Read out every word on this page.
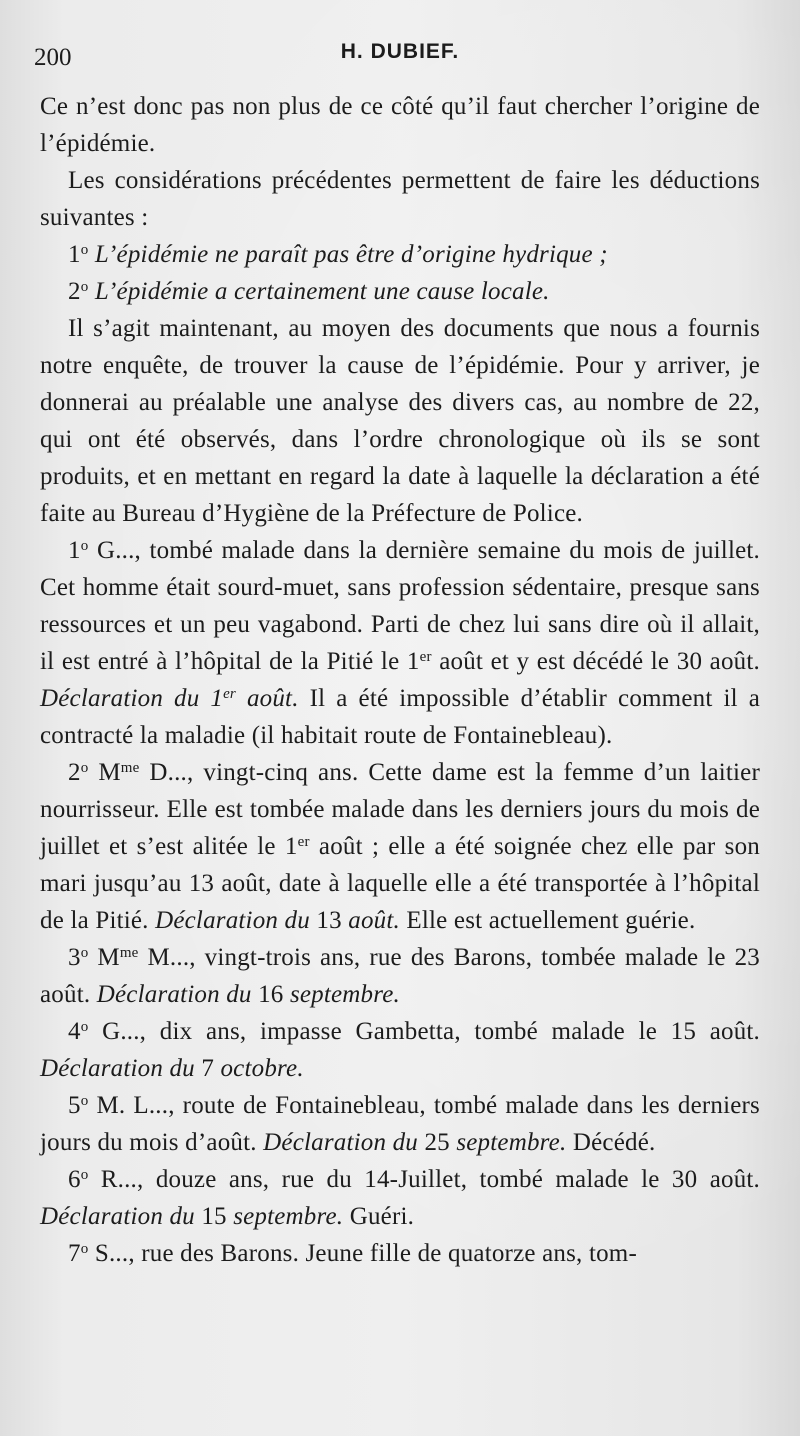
200	H. DUBIEF.

Ce n’est donc pas non plus de ce côté qu’il faut chercher l’origine de l’épidémie.

Les considérations précédentes permettent de faire les déductions suivantes :

1$^o$ L’épidémie ne paraît pas être d’origine hydrique ;

2$^o$ L’épidémie a certainement une cause locale.

Il s’agit maintenant, au moyen des documents que nous a fournis notre enquête, de trouver la cause de l’épidémie. Pour y arriver, je donnerai au préalable une analyse des divers cas, au nombre de 22, qui ont été observés, dans l’ordre chronologique où ils se sont produits, et en mettant en regard la date à laquelle la déclaration a été faite au Bureau d’Hygiène de la Préfecture de Police.

1$^o$ G..., tombé malade dans la dernière semaine du mois de juillet. Cet homme était sourd-muet, sans profession sédentaire, presque sans ressources et un peu vagabond. Parti de chez lui sans dire où il allait, il est entré à l’hôpital de la Pitié le 1er août et y est décédé le 30 août. Déclaration du 1er août. Il a été impossible d’établir comment il a contracté la maladie (il habitait route de Fontainebleau).

2$^o$ $M^{me}$ D..., vingt-cinq ans. Cette dame est la femme d’un laitier nourrisseur. Elle est tombée malade dans les derniers jours du mois de juillet et s’est alitée le 1er août ; elle a été soignée chez elle par son mari jusqu’au 13 août, date à laquelle elle a été transportée à l’hôpital de la Pitié. Déclaration du 13 août. Elle est actuellement guérie.

3$^o$ $M^{me}$ M..., vingt-trois ans, rue des Barons, tombée malade le 23 août. Déclaration du 16 septembre.

4$^o$ G..., dix ans, impasse Gambetta, tombé malade le 15 août. Déclaration du 7 octobre.

5$^o$ M. L..., route de Fontainebleau, tombé malade dans les derniers jours du mois d’août. Déclaration du 25 septembre. Décédé.

6$^o$ R..., douze ans, rue du 14-Juillet, tombé malade le 30 août. Déclaration du 15 septembre. Guéri.

7$^o$ S..., rue des Barons. Jeune fille de quatorze ans, tom-
